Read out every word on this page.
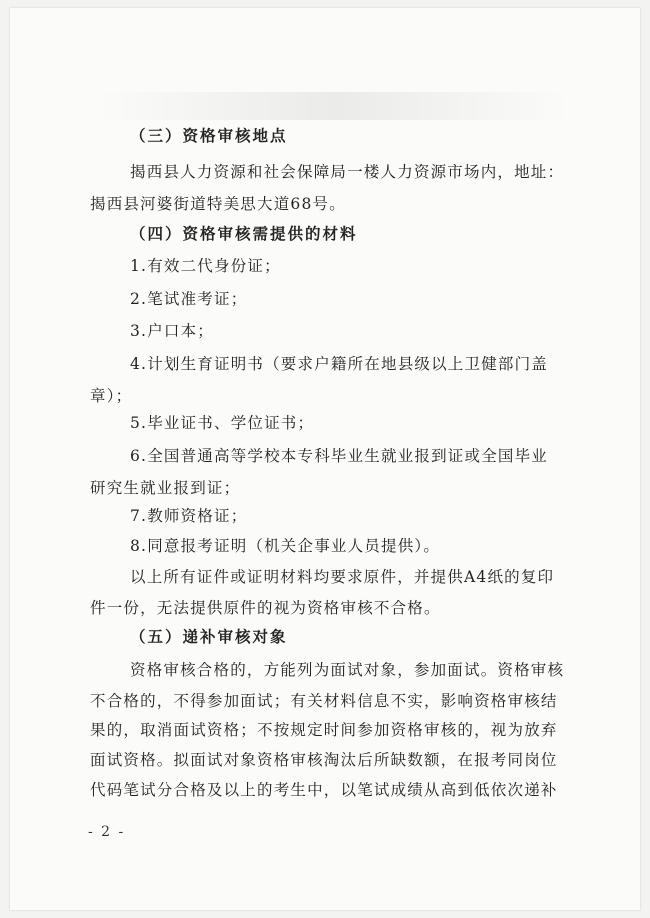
（三）资格审核地点
揭西县人力资源和社会保障局一楼人力资源市场内，地址：
揭西县河婆街道特美思大道68号。
（四）资格审核需提供的材料
1.有效二代身份证；
2.笔试准考证；
3.户口本；
4.计划生育证明书（要求户籍所在地县级以上卫健部门盖
章）；
5.毕业证书、学位证书；
6.全国普通高等学校本专科毕业生就业报到证或全国毕业
研究生就业报到证；
7.教师资格证；
8.同意报考证明（机关企事业人员提供）。
以上所有证件或证明材料均要求原件，并提供A4纸的复印
件一份，无法提供原件的视为资格审核不合格。
（五）递补审核对象
资格审核合格的，方能列为面试对象，参加面试。资格审核
不合格的，不得参加面试；有关材料信息不实，影响资格审核结
果的，取消面试资格；不按规定时间参加资格审核的，视为放弃
面试资格。拟面试对象资格审核淘汰后所缺数额，在报考同岗位
代码笔试分合格及以上的考生中，以笔试成绩从高到低依次递补
- 2 -
